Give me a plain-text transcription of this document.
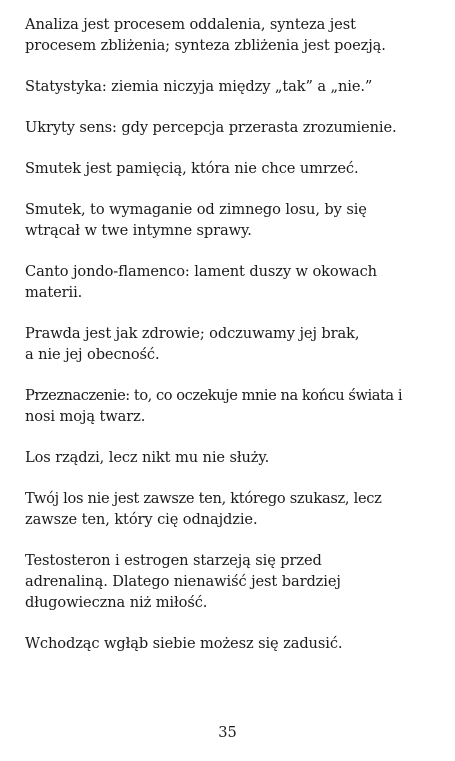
Analiza jest procesem oddalenia, synteza jest
procesem zbliżenia; synteza zbliżenia jest poezją.

Statystyka: ziemia niczyja między „tak” a „nie.”

Ukryty sens: gdy percepcja przerasta zrozumienie.

Smutek jest pamięcią, która nie chce umrzeć.

Smutek, to wymaganie od zimnego losu, by się
wtrącał w twe intymne sprawy.

Canto jondo-flamenco: lament duszy w okowach
materii.

Prawda jest jak zdrowie; odczuwamy jej brak,
a nie jej obecność.

Przeznaczenie: to, co oczekuje mnie na końcu świata i
nosi moją twarz.

Los rządzi, lecz nikt mu nie służy.

Twój los nie jest zawsze ten, którego szukasz, lecz
zawsze ten, który cię odnajdzie.

Testosteron i estrogen starzeją się przed
adrenaliną. Dlatego nienawiść jest bardziej
długowieczna niż miłość.

Wchodząc wgłąb siebie możesz się zadusić.

35
